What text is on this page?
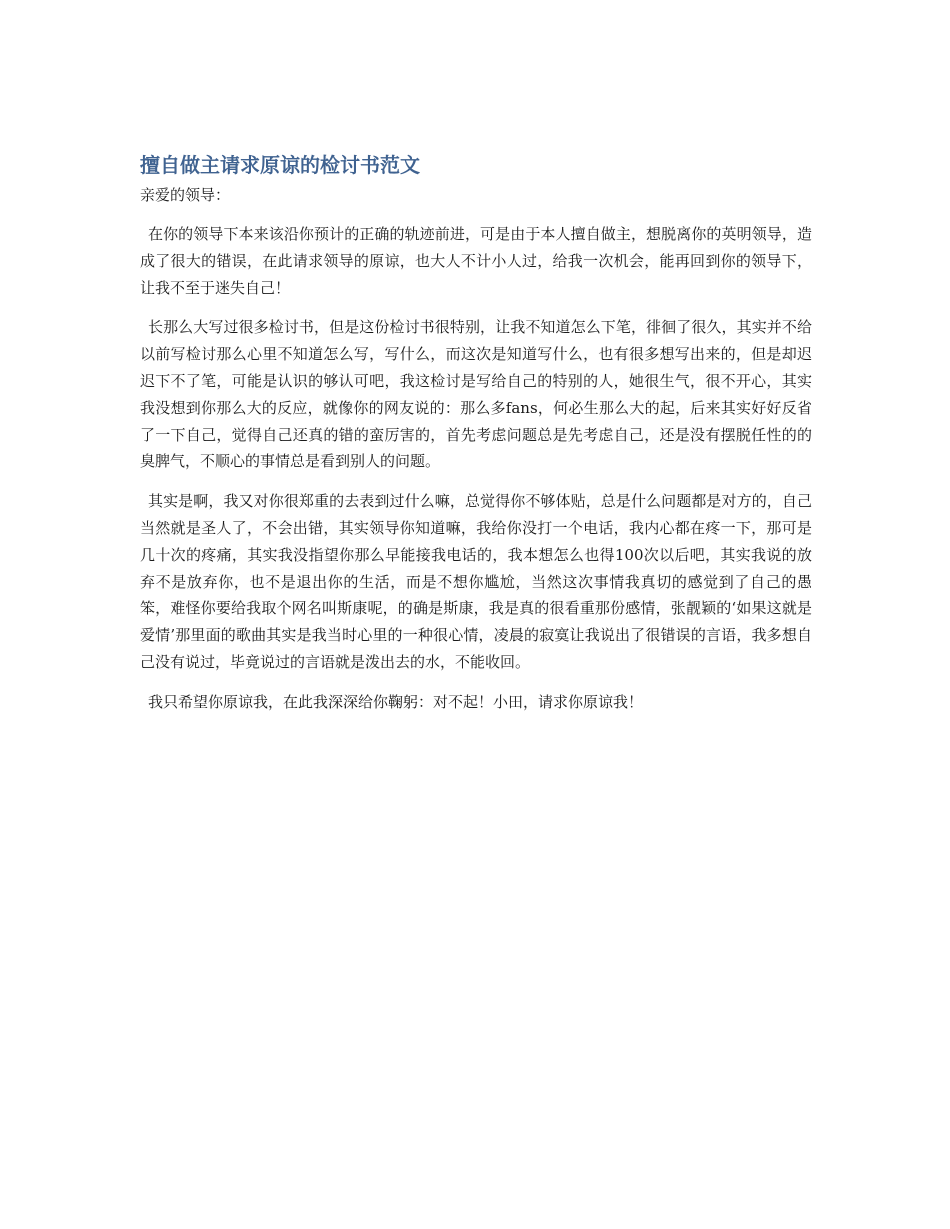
擅自做主请求原谅的检讨书范文

亲爱的领导：

在你的领导下本来该沿你预计的正确的轨迹前进，可是由于本人擅自做主，想脱离你的英明领导，造成了很大的错误，在此请求领导的原谅，也大人不计小人过，给我一次机会，能再回到你的领导下，让我不至于迷失自己！

长那么大写过很多检讨书，但是这份检讨书很特别，让我不知道怎么下笔，徘徊了很久，其实并不给以前写检讨那么心里不知道怎么写，写什么，而这次是知道写什么，也有很多想写出来的，但是却迟迟下不了笔，可能是认识的够认可吧，我这检讨是写给自己的特别的人，她很生气，很不开心，其实我没想到你那么大的反应，就像你的网友说的：那么多fans，何必生那么大的起，后来其实好好反省了一下自己，觉得自己还真的错的蛮厉害的，首先考虑问题总是先考虑自己，还是没有摆脱任性的的臭脾气，不顺心的事情总是看到别人的问题。

其实是啊，我又对你很郑重的去表到过什么嘛，总觉得你不够体贴，总是什么问题都是对方的，自己当然就是圣人了，不会出错，其实领导你知道嘛，我给你没打一个电话，我内心都在疼一下，那可是几十次的疼痛，其实我没指望你那么早能接我电话的，我本想怎么也得100次以后吧，其实我说的放弃不是放弃你，也不是退出你的生活，而是不想你尴尬，当然这次事情我真切的感觉到了自己的愚笨，难怪你要给我取个网名叫斯康呢，的确是斯康，我是真的很看重那份感情，张靓颖的‘如果这就是爱情’那里面的歌曲其实是我当时心里的一种很心情，凌晨的寂寞让我说出了很错误的言语，我多想自己没有说过，毕竟说过的言语就是泼出去的水，不能收回。

我只希望你原谅我，在此我深深给你鞠躬：对不起！小田，请求你原谅我！
